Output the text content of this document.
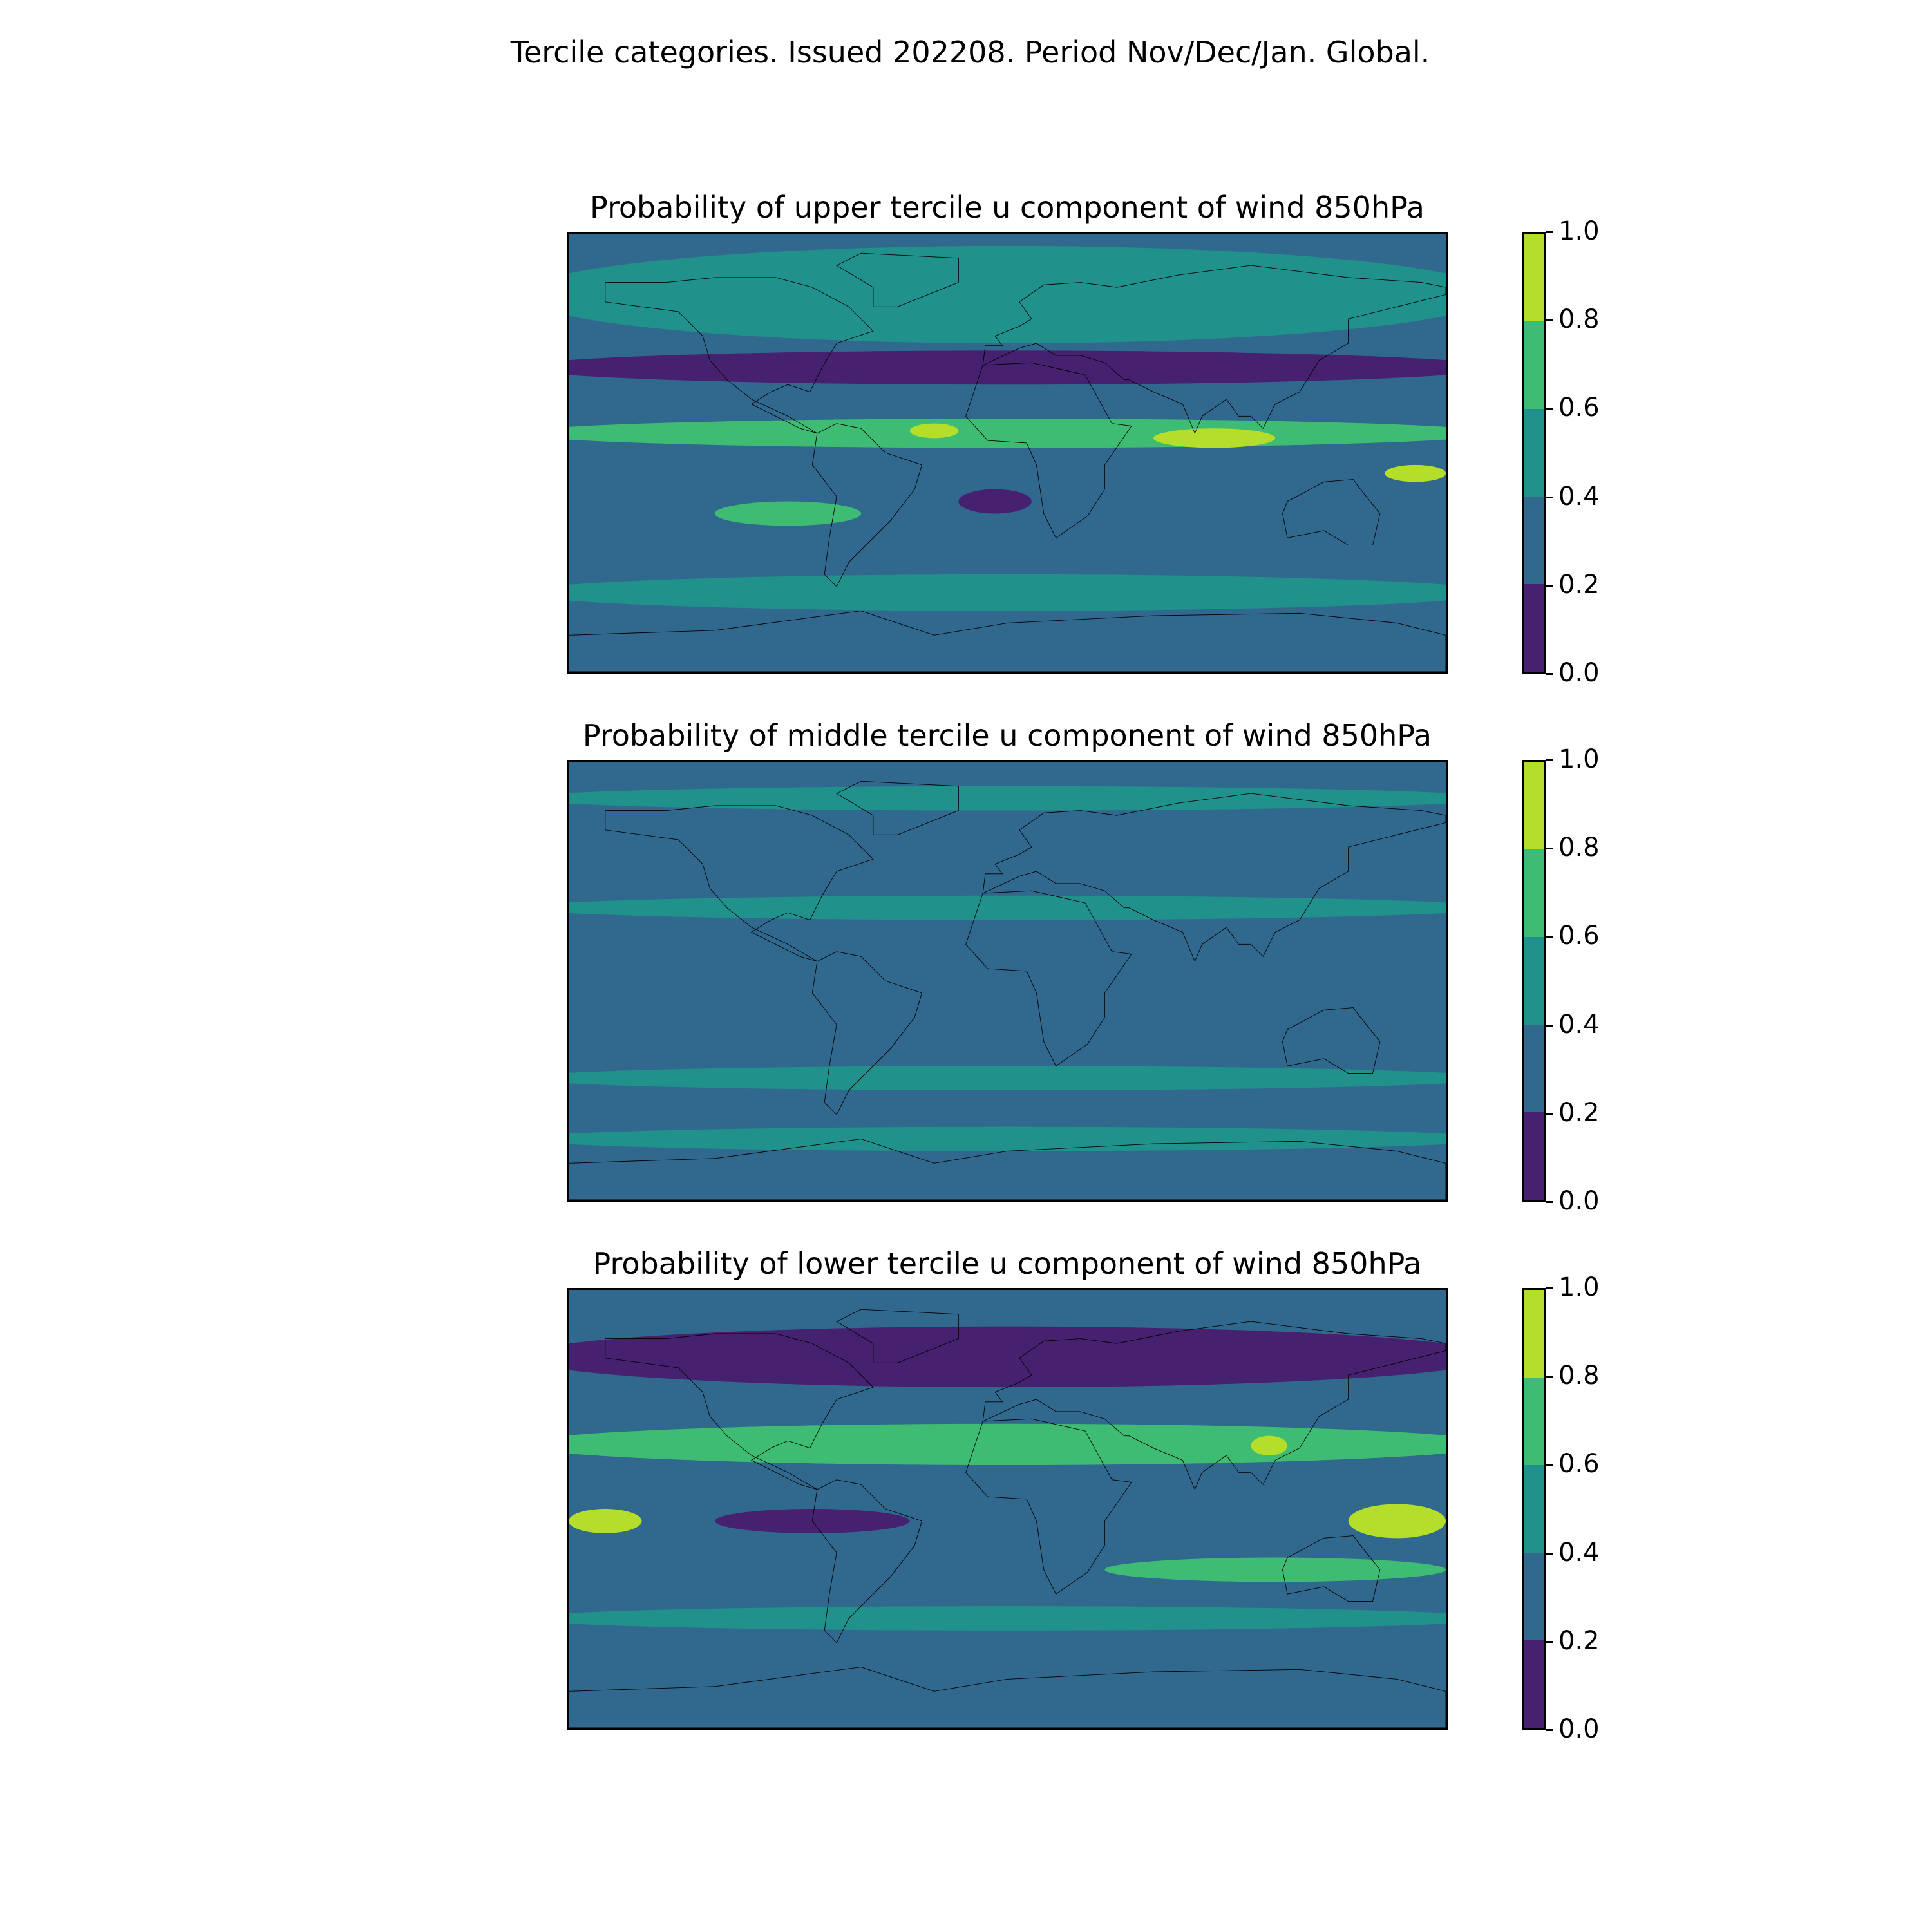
Tercile categories. Issued 202208. Period Nov/Dec/Jan. Global.
Probability of upper tercile u component of wind 850hPa
Probability of middle tercile u component of wind 850hPa
Probability of lower tercile u component of wind 850hPa
0.0
0.2
0.4
0.6
0.8
1.0
0.0
0.2
0.4
0.6
0.8
1.0
0.0
0.2
0.4
0.6
0.8
1.0
